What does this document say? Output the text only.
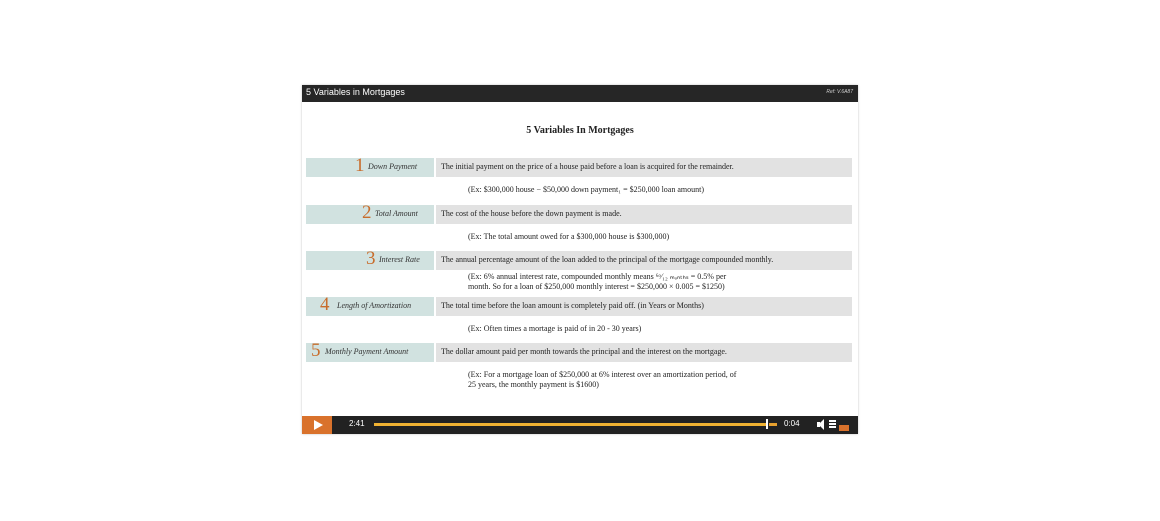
5 Variables in Mortgages	Ref: V.6A87
5 Variables In Mortgages
1 Down Payment	The initial payment on the price of a house paid before a loan is acquired for the remainder.
(Ex: $300,000 house − $50,000 down payment₁ = $250,000 loan amount)
2 Total Amount	The cost of the house before the down payment is made.
(Ex: The total amount owed for a $300,000 house is $300,000)
3 Interest Rate	The annual percentage amount of the loan added to the principal of the mortgage compounded monthly.
(Ex: 6% annual interest rate, compounded monthly means ⁶ᵒ⁄₁₂ ₘₒₙₜₕₛ = 0.5% per
month. So for a loan of $250,000 monthly interest = $250,000 × 0.005 = $1250)
4 Length of Amortization	The total time before the loan amount is completely paid off. (in Years or Months)
(Ex: Often times a mortage is paid of in 20 - 30 years)
5 Monthly Payment Amount	The dollar amount paid per month towards the principal and the interest on the mortgage.
(Ex: For a mortgage loan of $250,000 at 6% interest over an amortization period, of
25 years, the monthly payment is $1600)
2:41	0:04
